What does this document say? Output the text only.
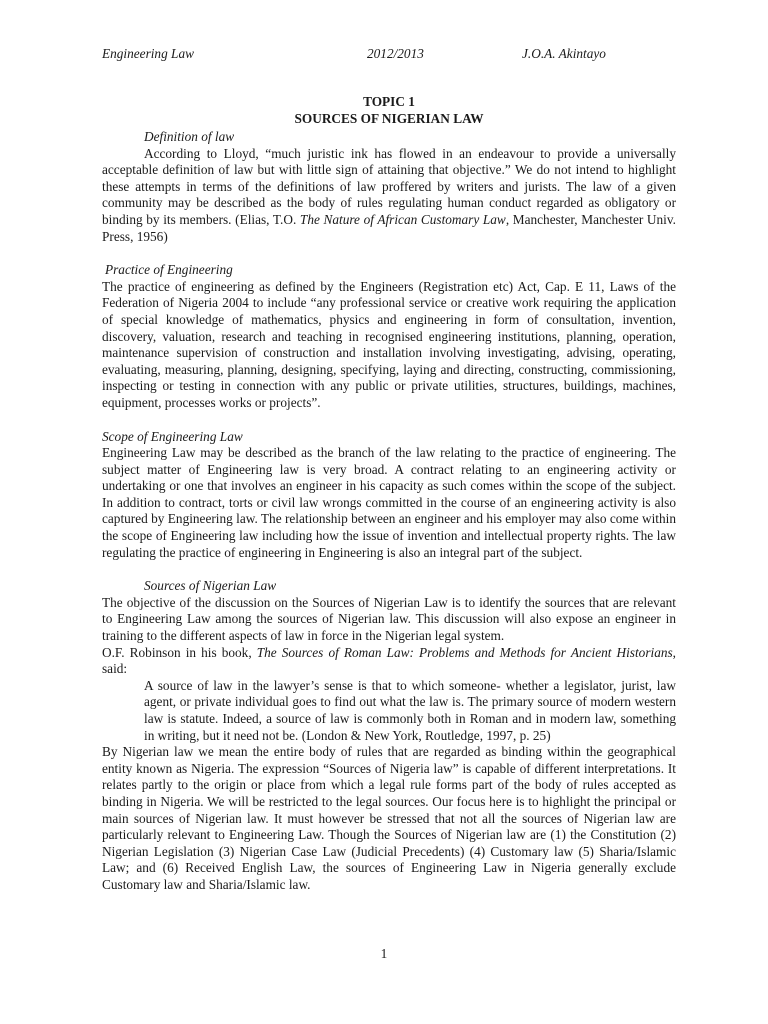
Engineering Law	2012/2013	J.O.A. Akintayo
TOPIC 1
SOURCES OF NIGERIAN LAW

Definition of law

According to Lloyd, “much juristic ink has flowed in an endeavour to provide a universally acceptable definition of law but with little sign of attaining that objective.” We do not intend to highlight these attempts in terms of the definitions of law proffered by writers and jurists. The law of a given community may be described as the body of rules regulating human conduct regarded as obligatory or binding by its members. (Elias, T.O. The Nature of African Customary Law, Manchester, Manchester Univ. Press, 1956)

Practice of Engineering

The practice of engineering as defined by the Engineers (Registration etc) Act, Cap. E 11, Laws of the Federation of Nigeria 2004 to include “any professional service or creative work requiring the application of special knowledge of mathematics, physics and engineering in form of consultation, invention, discovery, valuation, research and teaching in recognised engineering institutions, planning, operation, maintenance supervision of construction and installation involving investigating, advising, operating, evaluating, measuring, planning, designing, specifying, laying and directing, constructing, commissioning, inspecting or testing in connection with any public or private utilities, structures, buildings, machines, equipment, processes works or projects”.

Scope of Engineering Law

Engineering Law may be described as the branch of the law relating to the practice of engineering. The subject matter of Engineering law is very broad. A contract relating to an engineering activity or undertaking or one that involves an engineer in his capacity as such comes within the scope of the subject. In addition to contract, torts or civil law wrongs committed in the course of an engineering activity is also captured by Engineering law. The relationship between an engineer and his employer may also come within the scope of Engineering law including how the issue of invention and intellectual property rights. The law regulating the practice of engineering in Engineering is also an integral part of the subject.

Sources of Nigerian Law

The objective of the discussion on the Sources of Nigerian Law is to identify the sources that are relevant to Engineering Law among the sources of Nigerian law. This discussion will also expose an engineer in training to the different aspects of law in force in the Nigerian legal system.

O.F. Robinson in his book, The Sources of Roman Law: Problems and Methods for Ancient Historians, said:

A source of law in the lawyer’s sense is that to which someone- whether a legislator, jurist, law agent, or private individual goes to find out what the law is. The primary source of modern western law is statute. Indeed, a source of law is commonly both in Roman and in modern law, something in writing, but it need not be. (London & New York, Routledge, 1997, p. 25)

By Nigerian law we mean the entire body of rules that are regarded as binding within the geographical entity known as Nigeria. The expression “Sources of Nigeria law” is capable of different interpretations. It relates partly to the origin or place from which a legal rule forms part of the body of rules accepted as binding in Nigeria. We will be restricted to the legal sources. Our focus here is to highlight the principal or main sources of Nigerian law. It must however be stressed that not all the sources of Nigerian law are particularly relevant to Engineering Law. Though the Sources of Nigerian law are (1) the Constitution (2) Nigerian Legislation (3) Nigerian Case Law (Judicial Precedents) (4) Customary law (5) Sharia/Islamic Law; and (6) Received English Law, the sources of Engineering Law in Nigeria generally exclude Customary law and Sharia/Islamic law.

1
